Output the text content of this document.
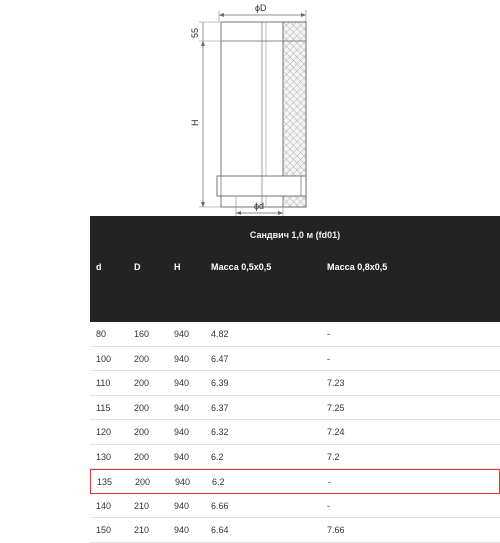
ϕD
55
H
ϕd
Сандвич 1,0 м (fd01)
d	D	H	Масса 0,5х0,5	Масса 0,8х0,5
80	160	940 4.82	-
100	200	940 6.47	-
110	200	940 6.39	7.23
115	200	940 6.37	7.25
120	200	940 6.32	7.24
130	200	940 6.2	7.2
135	200	940 6.2	-
140	210	940 6.66	-
150	210	940 6.64	7.66
